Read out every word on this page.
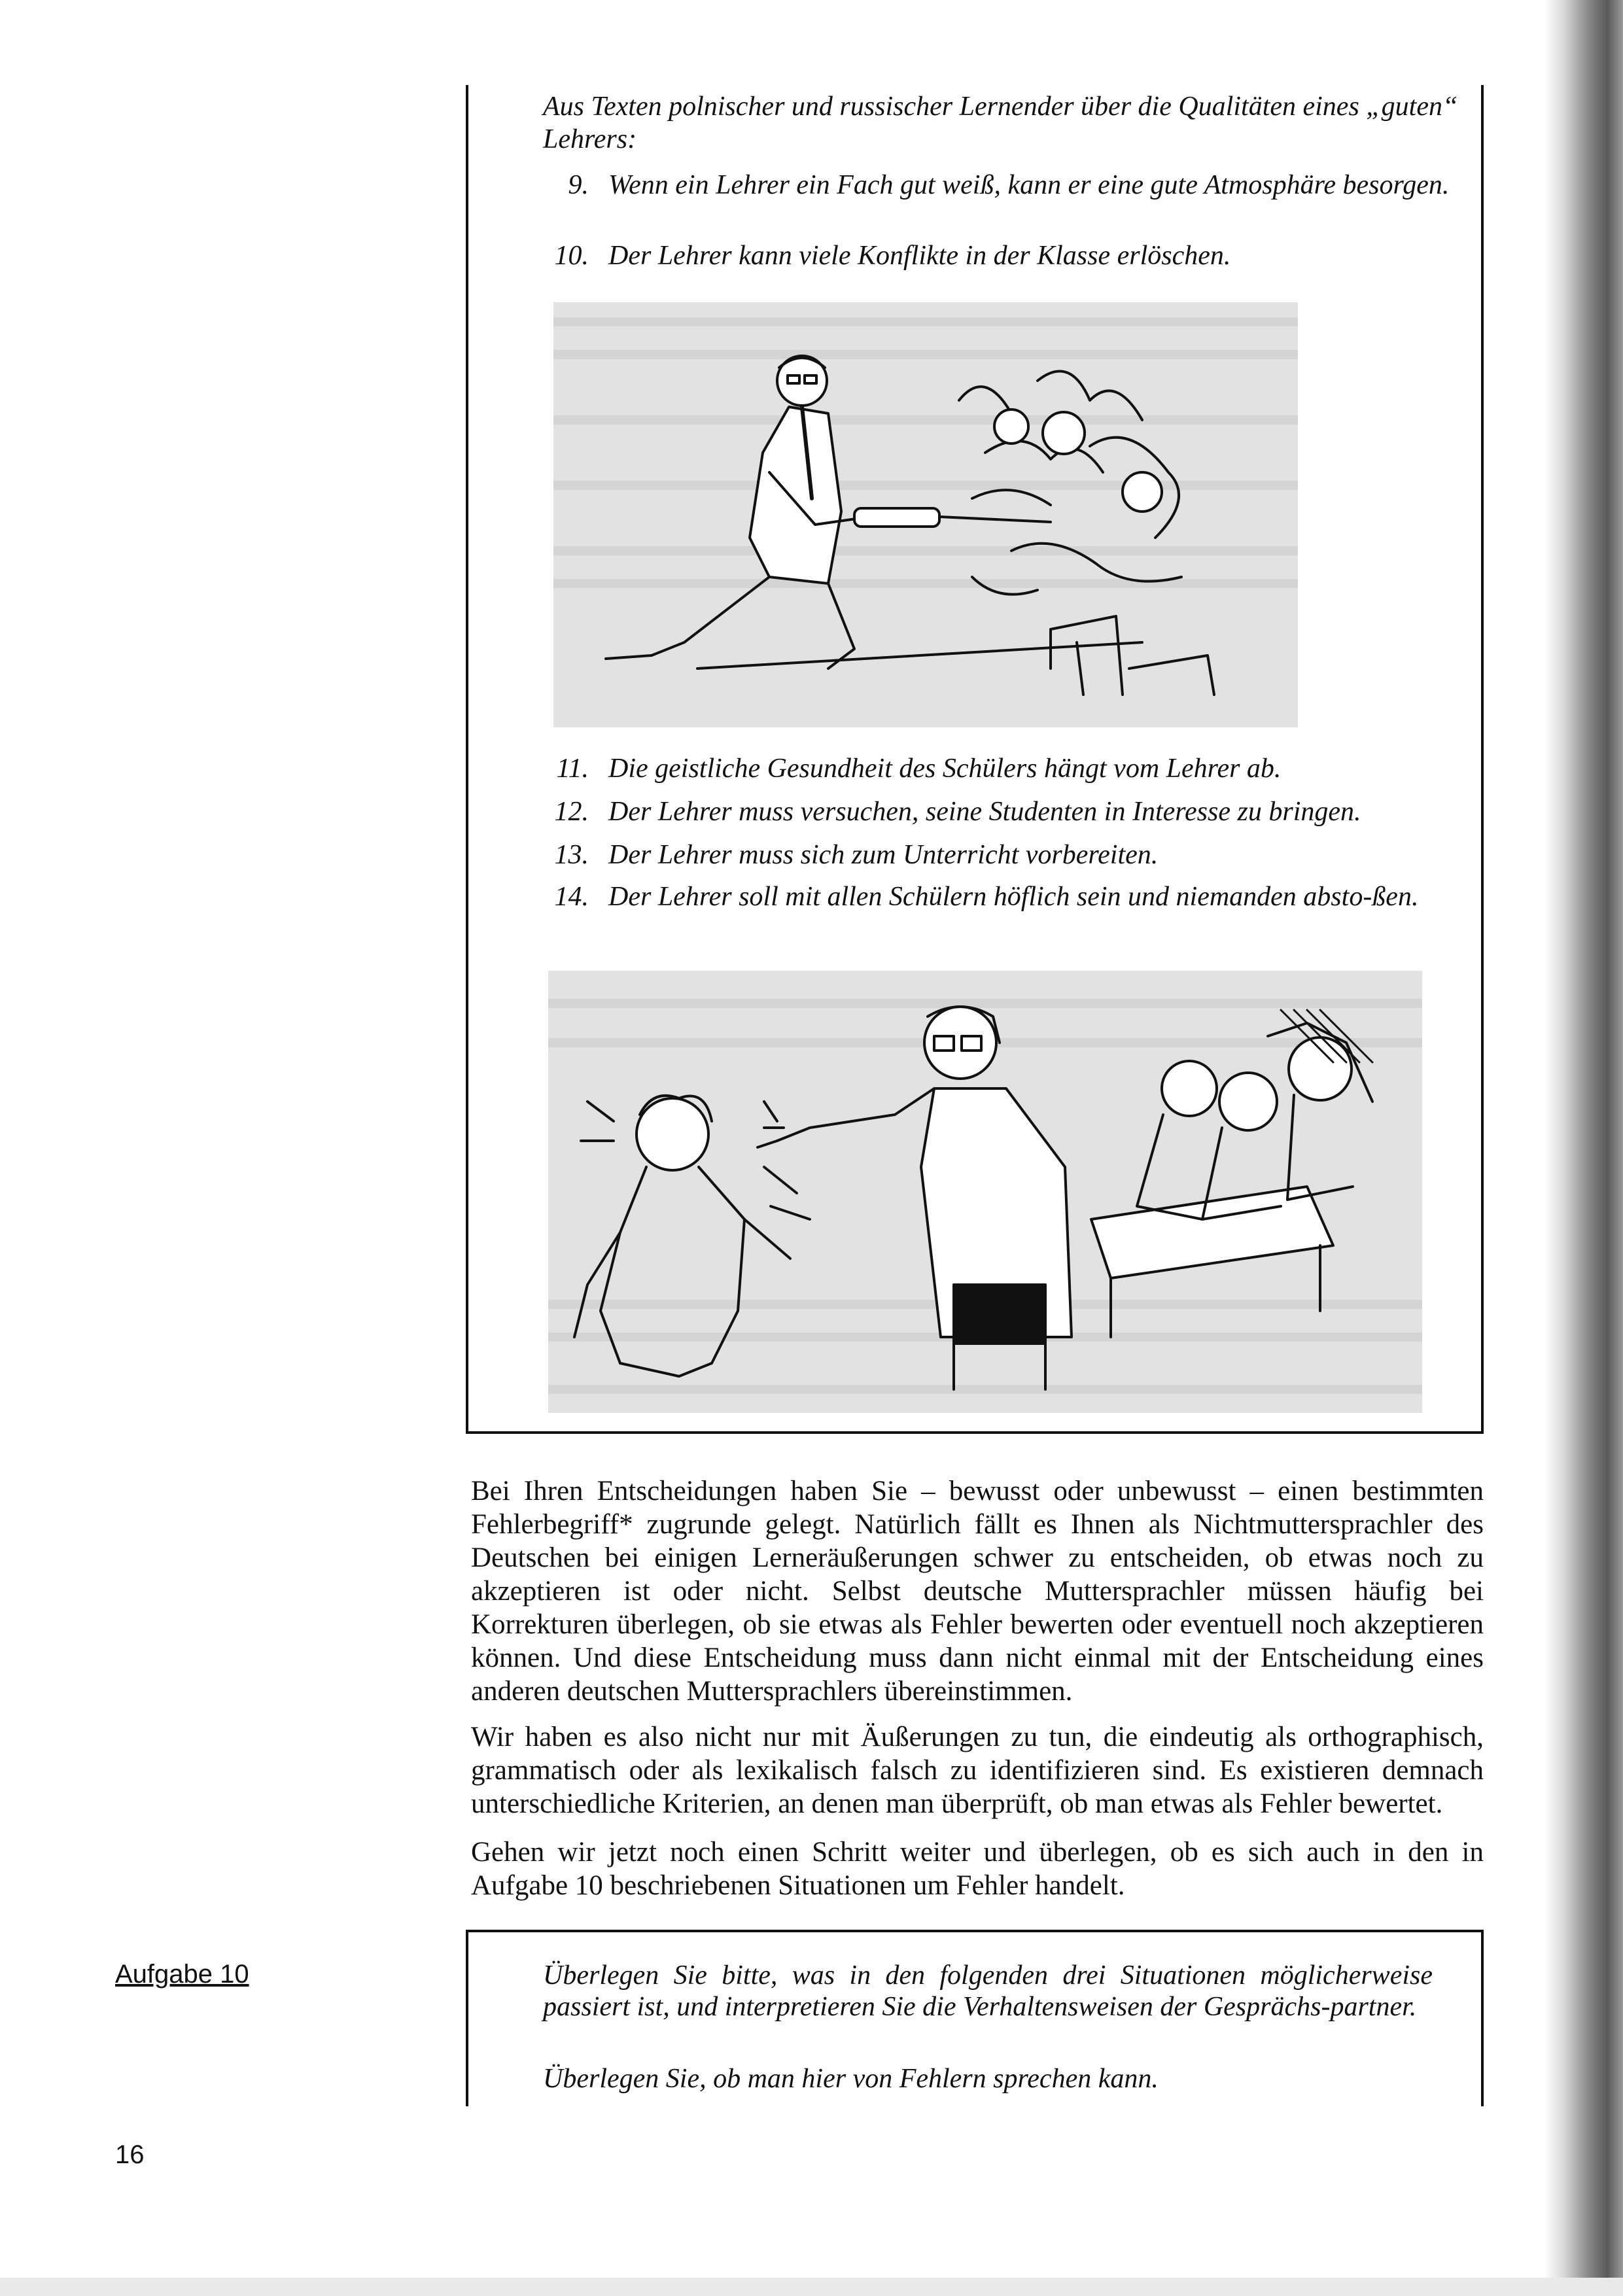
Aus Texten polnischer und russischer Lernender über die Qualitäten eines „guten“ Lehrers:
9. Wenn ein Lehrer ein Fach gut weiß, kann er eine gute Atmosphäre besorgen.
10. Der Lehrer kann viele Konflikte in der Klasse erlöschen.
11. Die geistliche Gesundheit des Schülers hängt vom Lehrer ab.
12. Der Lehrer muss versuchen, seine Studenten in Interesse zu bringen.
13. Der Lehrer muss sich zum Unterricht vorbereiten.
14. Der Lehrer soll mit allen Schülern höflich sein und niemanden absto-ßen.
Bei Ihren Entscheidungen haben Sie – bewusst oder unbewusst – einen bestimmten Fehlerbegriff* zugrunde gelegt. Natürlich fällt es Ihnen als Nichtmuttersprachler des Deutschen bei einigen Lerneräußerungen schwer zu entscheiden, ob etwas noch zu akzeptieren ist oder nicht. Selbst deutsche Muttersprachler müssen häufig bei Korrekturen überlegen, ob sie etwas als Fehler bewerten oder eventuell noch akzeptieren können. Und diese Entscheidung muss dann nicht einmal mit der Entscheidung eines anderen deutschen Muttersprachlers übereinstimmen.
Wir haben es also nicht nur mit Äußerungen zu tun, die eindeutig als orthographisch, grammatisch oder als lexikalisch falsch zu identifizieren sind. Es existieren demnach unterschiedliche Kriterien, an denen man überprüft, ob man etwas als Fehler bewertet.
Gehen wir jetzt noch einen Schritt weiter und überlegen, ob es sich auch in den in Aufgabe 10 beschriebenen Situationen um Fehler handelt.
Aufgabe 10	Überlegen Sie bitte, was in den folgenden drei Situationen möglicherweise passiert ist, und interpretieren Sie die Verhaltensweisen der Gesprächs-partner.
Überlegen Sie, ob man hier von Fehlern sprechen kann.
16
